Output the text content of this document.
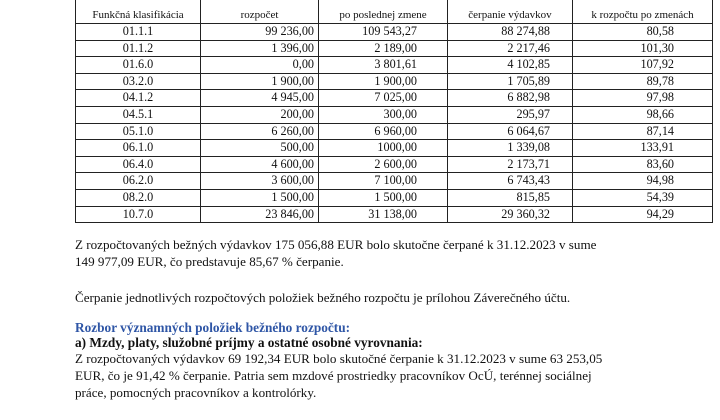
Funkčná klasifikácia	rozpočet	po poslednej zmene	čerpanie výdavkov	k rozpočtu po zmenách
01.1.1	99 236,00	109 543,27	88 274,88	80,58
01.1.2	1 396,00	2 189,00	2 217,46	101,30
01.6.0	0,00	3 801,61	4 102,85	107,92
03.2.0	1 900,00	1 900,00	1 705,89	89,78
04.1.2	4 945,00	7 025,00	6 882,98	97,98
04.5.1	200,00	300,00	295,97	98,66
05.1.0	6 260,00	6 960,00	6 064,67	87,14
06.1.0	500,00	1000,00	1 339,08	133,91
06.4.0	4 600,00	2 600,00	2 173,71	83,60
06.2.0	3 600,00	7 100,00	6 743,43	94,98
08.2.0	1 500,00	1 500,00	815,85	54,39
10.7.0	23 846,00	31 138,00	29 360,32	94,29

Z rozpočtovaných bežných výdavkov 175 056,88 EUR bolo skutočne čerpané k 31.12.2023 v sume
149 977,09 EUR, čo predstavuje 85,67 % čerpanie.

Čerpanie jednotlivých rozpočtových položiek bežného rozpočtu je prílohou Záverečného účtu.

Rozbor významných položiek bežného rozpočtu:

a) Mzdy, platy, služobné príjmy a ostatné osobné vyrovnania:

Z rozpočtovaných výdavkov 69 192,34 EUR bolo skutočné čerpanie k 31.12.2023 v sume 63 253,05
EUR, čo je 91,42 % čerpanie. Patria sem mzdové prostriedky pracovníkov OcÚ, terénnej sociálnej
práce, pomocných pracovníkov a kontrolórky.
